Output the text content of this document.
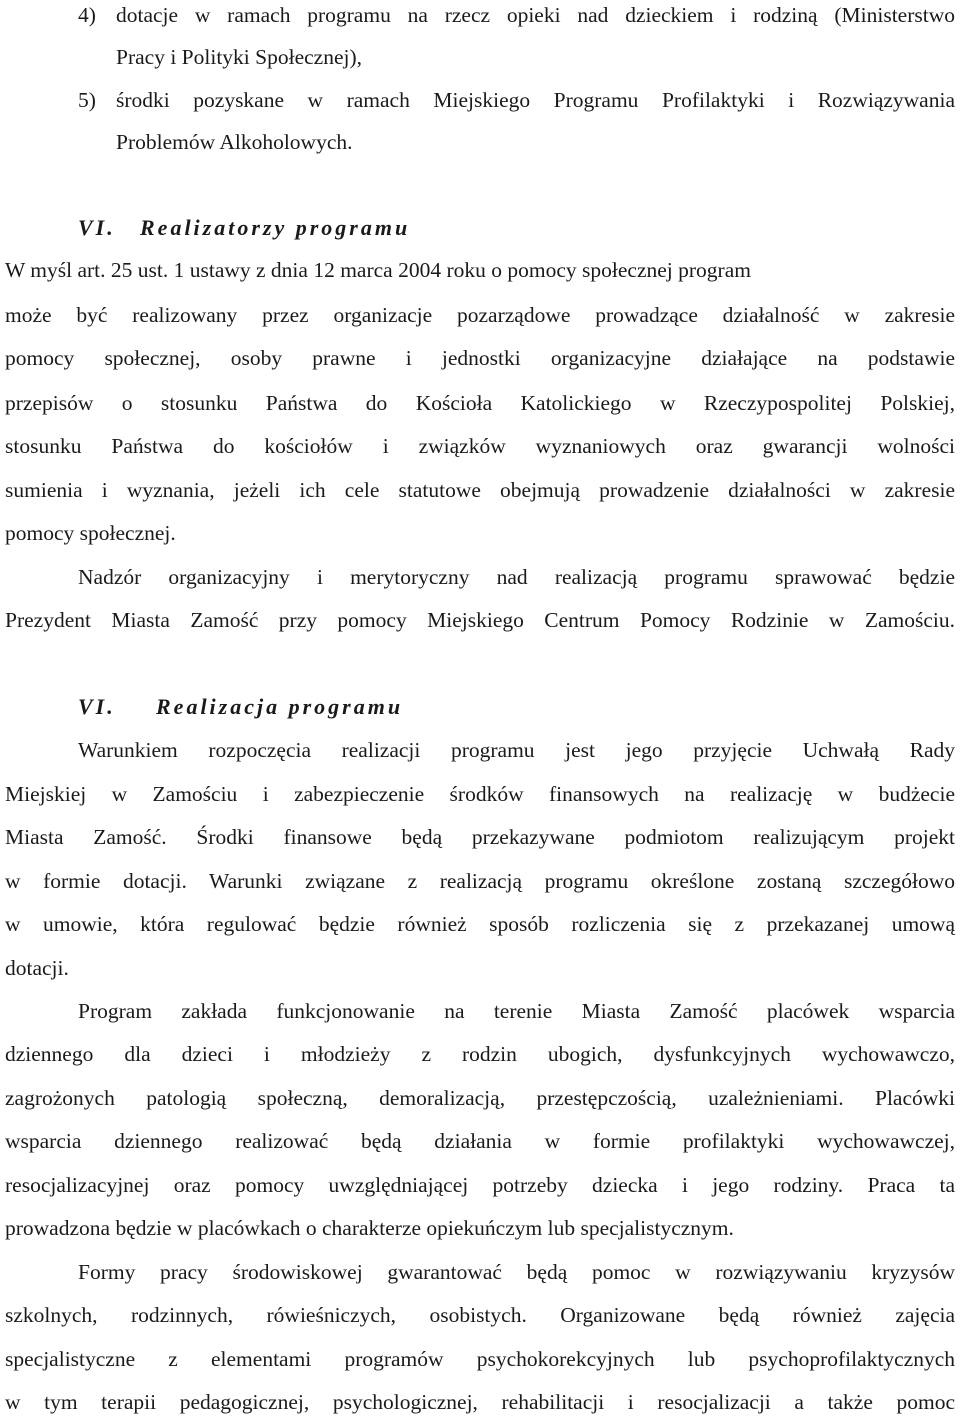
4) dotacje w ramach programu na rzecz opieki nad dzieckiem i rodziną (Ministerstwo
Pracy i Polityki Społecznej),
5) środki pozyskane w ramach Miejskiego Programu Profilaktyki i Rozwiązywania
Problemów Alkoholowych.
VI. Realizatorzy programu
W myśl art. 25 ust. 1 ustawy z dnia 12 marca 2004 roku o pomocy społecznej program
może być realizowany przez organizacje pozarządowe prowadzące działalność w zakresie
pomocy społecznej, osoby prawne i jednostki organizacyjne działające na podstawie
przepisów o stosunku Państwa do Kościoła Katolickiego w Rzeczypospolitej Polskiej,
stosunku Państwa do kościołów i związków wyznaniowych oraz gwarancji wolności
sumienia i wyznania, jeżeli ich cele statutowe obejmują prowadzenie działalności w zakresie
pomocy społecznej.
Nadzór organizacyjny i merytoryczny nad realizacją programu sprawować będzie
Prezydent Miasta Zamość przy pomocy Miejskiego Centrum Pomocy Rodzinie w Zamościu.
VI. Realizacja programu
Warunkiem rozpoczęcia realizacji programu jest jego przyjęcie Uchwałą Rady
Miejskiej w Zamościu i zabezpieczenie środków finansowych na realizację w budżecie
Miasta Zamość. Środki finansowe będą przekazywane podmiotom realizującym projekt
w formie dotacji. Warunki związane z realizacją programu określone zostaną szczegółowo
w umowie, która regulować będzie również sposób rozliczenia się z przekazanej umową
dotacji.
Program zakłada funkcjonowanie na terenie Miasta Zamość placówek wsparcia
dziennego dla dzieci i młodzieży z rodzin ubogich, dysfunkcyjnych wychowawczo,
zagrożonych patologią społeczną, demoralizacją, przestępczością, uzależnieniami. Placówki
wsparcia dziennego realizować będą działania w formie profilaktyki wychowawczej,
resocjalizacyjnej oraz pomocy uwzględniającej potrzeby dziecka i jego rodziny. Praca ta
prowadzona będzie w placówkach o charakterze opiekuńczym lub specjalistycznym.
Formy pracy środowiskowej gwarantować będą pomoc w rozwiązywaniu kryzysów
szkolnych, rodzinnych, rówieśniczych, osobistych. Organizowane będą również zajęcia
specjalistyczne z elementami programów psychokorekcyjnych lub psychoprofilaktycznych
w tym terapii pedagogicznej, psychologicznej, rehabilitacji i resocjalizacji a także pomoc
